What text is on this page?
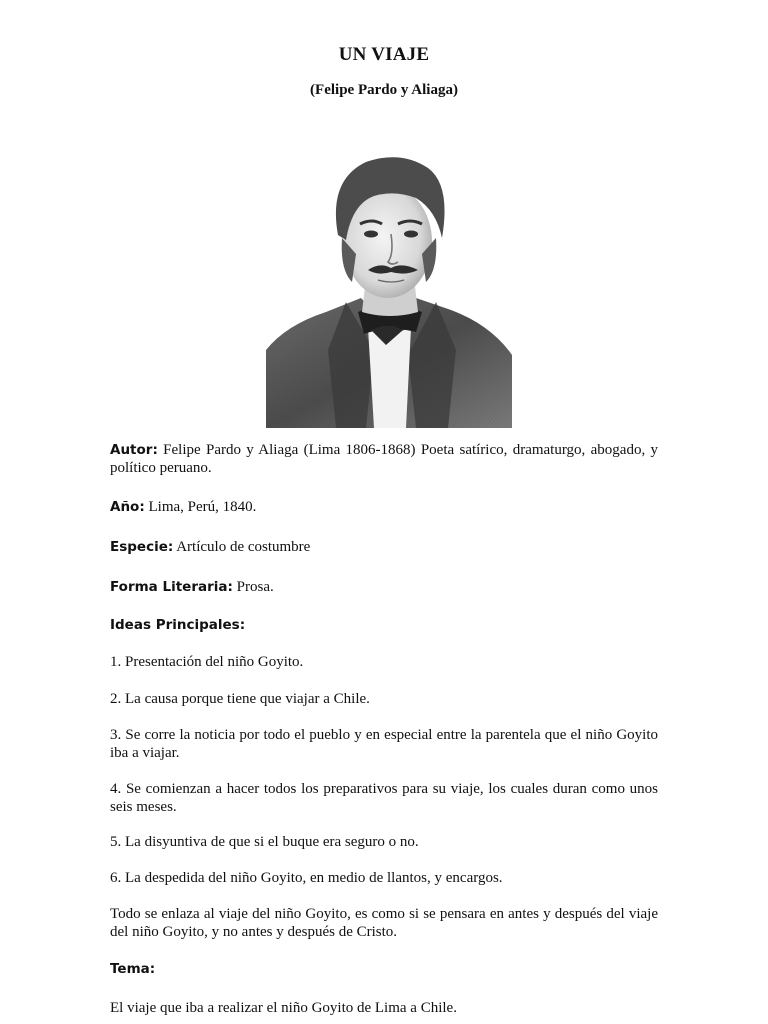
UN VIAJE
(Felipe Pardo y Aliaga)

Autor: Felipe Pardo y Aliaga (Lima 1806-1868) Poeta satírico, dramaturgo, abogado, y político peruano.

Año: Lima, Perú, 1840.

Especie: Artículo de costumbre

Forma Literaria: Prosa.

Ideas Principales:

1. Presentación del niño Goyito.

2. La causa porque tiene que viajar a Chile.

3. Se corre la noticia por todo el pueblo y en especial entre la parentela que el niño Goyito iba a viajar.

4. Se comienzan a hacer todos los preparativos para su viaje, los cuales duran como unos seis meses.

5. La disyuntiva de que si el buque era seguro o no.

6. La despedida del niño Goyito, en medio de llantos, y encargos.

Todo se enlaza al viaje del niño Goyito, es como si se pensara en antes y después del viaje del niño Goyito, y no antes y después de Cristo.

Tema:

El viaje que iba a realizar el niño Goyito de Lima a Chile.
